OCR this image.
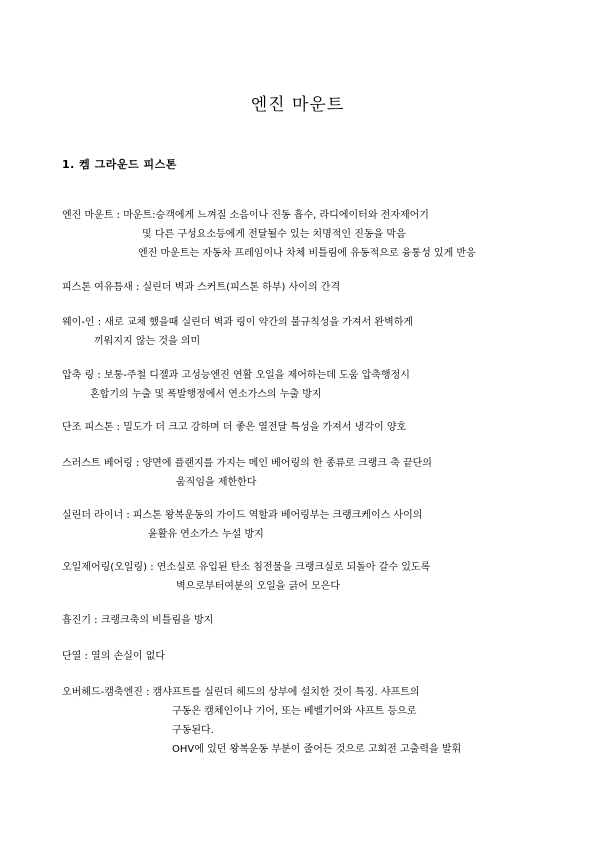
엔진 마운트
1. 켐 그라운드 피스톤
엔진 마운트 : 마운트:승객에게 느껴질 소음이나 진동 흡수, 라디에이터와 전자제어기
및 다른 구성요소등에게 전달될수 있는 치명적인 진동을 막음
엔진 마운트는 자동차 프레임이나 차체 비틀림에 유동적으로 융통성 있게 반응
피스톤 여유틈새 : 실린더 벽과 스커트(피스톤 하부) 사이의 간격
웨이-인 : 새로 교체 했을때 실린더 벽과 링이 약간의 불규칙성을 가져서 완벽하게
끼워지지 않는 것을 의미
압축 링 : 보통-주철 디젤과 고성능엔진 연활 오일을 제어하는데 도움 압축행정시
혼합기의 누출 및 폭발행정에서 연소가스의 누출 방지
단조 피스톤 : 밀도가 더 크고 강하며 더 좋은 열전달 특성을 가져서 냉각이 양호
스러스트 베어링 : 양면에 플랜지를 가지는 메인 베어링의 한 종류로 크랭크 축 끝단의
움직임을 제한한다
실린더 라이너 : 피스톤 왕복운동의 가이드 역할과 베어링부는 크랭크케이스 사이의
윤활유 연소가스 누설 방지
오일제어링(오일링) : 연소실로 유입된 탄소 침전물을 크랭크실로 되돌아 갈수 있도록
벽으로부터여분의 오일을 긁어 모은다
흡진기 : 크랭크축의 비틀림을 방지
단열 : 열의 손실이 없다
오버헤드-캠축엔진 : 캠샤프트를 실린더 헤드의 상부에 설치한 것이 특징. 샤프트의
구동은 캠체인이나 기어, 또는 베벨기어와 샤프트 등으로
구동된다.
OHV에 있던 왕복운동 부분이 줄어든 것으로 고회전 고출력을 발휘
